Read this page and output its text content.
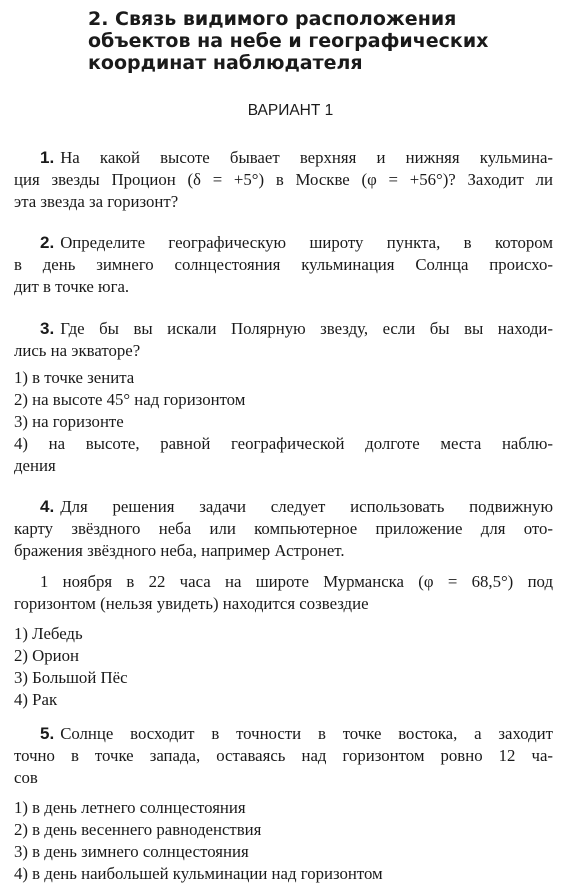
2. Связь видимого расположения
объектов на небе и географических
координат наблюдателя
ВАРИАНТ 1
1. На какой высоте бывает верхняя и нижняя кульмина-
ция звезды Процион (δ = +5°) в Москве (φ = +56°)? Заходит ли
эта звезда за горизонт?
2. Определите географическую широту пункта, в котором
в день зимнего солнцестояния кульминация Солнца происхо-
дит в точке юга.
3. Где бы вы искали Полярную звезду, если бы вы находи-
лись на экваторе?
1) в точке зенита
2) на высоте 45° над горизонтом
3) на горизонте
4) на высоте, равной географической долготе места наблю-
дения
4. Для решения задачи следует использовать подвижную
карту звёздного неба или компьютерное приложение для ото-
бражения звёздного неба, например Астронет.
1 ноября в 22 часа на широте Мурманска (φ = 68,5°) под
горизонтом (нельзя увидеть) находится созвездие
1) Лебедь
2) Орион
3) Большой Пёс
4) Рак
5. Солнце восходит в точности в точке востока, а заходит
точно в точке запада, оставаясь над горизонтом ровно 12 ча-
сов
1) в день летнего солнцестояния
2) в день весеннего равноденствия
3) в день зимнего солнцестояния
4) в день наибольшей кульминации над горизонтом
